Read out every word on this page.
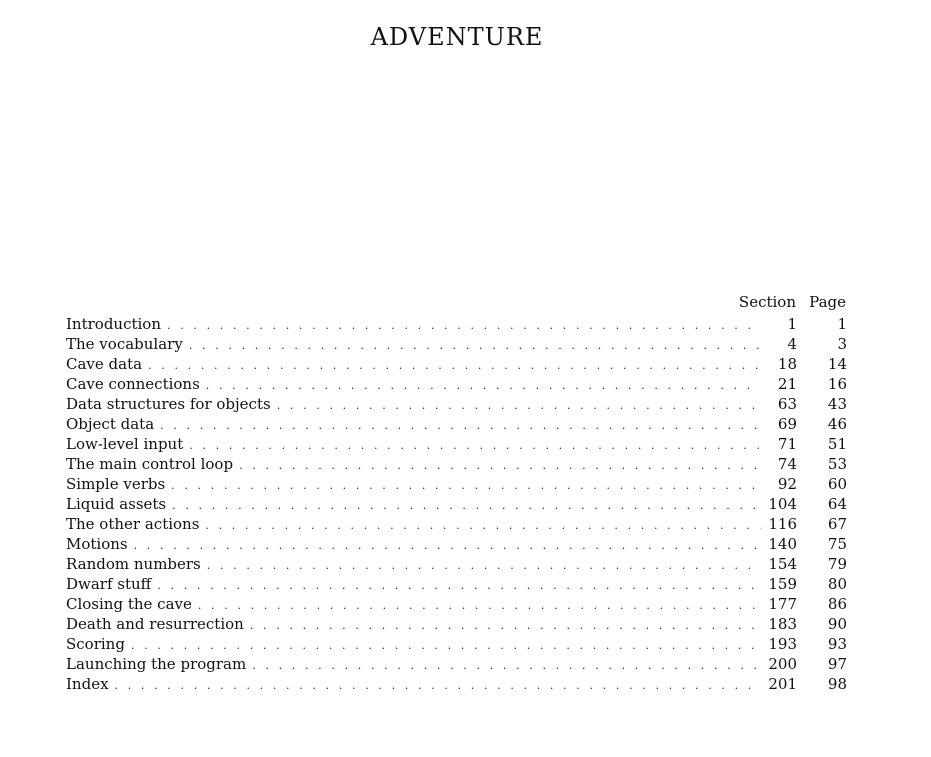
ADVENTURE
Section Page
Introduction . . .	1	1
The vocabulary . . .	4	3
Cave data . . .	18	14
Cave connections . . .	21	16
Data structures for objects . . .	63	43
Object data . . .	69	46
Low-level input . . .	71	51
The main control loop . . .	74	53
Simple verbs . . .	92	60
Liquid assets . . .	104	64
The other actions . . .	116	67
Motions . . .	140	75
Random numbers . . .	154	79
Dwarf stuff . . .	159	80
Closing the cave . . .	177	86
Death and resurrection . . .	183	90
Scoring . . .	193	93
Launching the program . . .	200	97
Index . . .	201	98
